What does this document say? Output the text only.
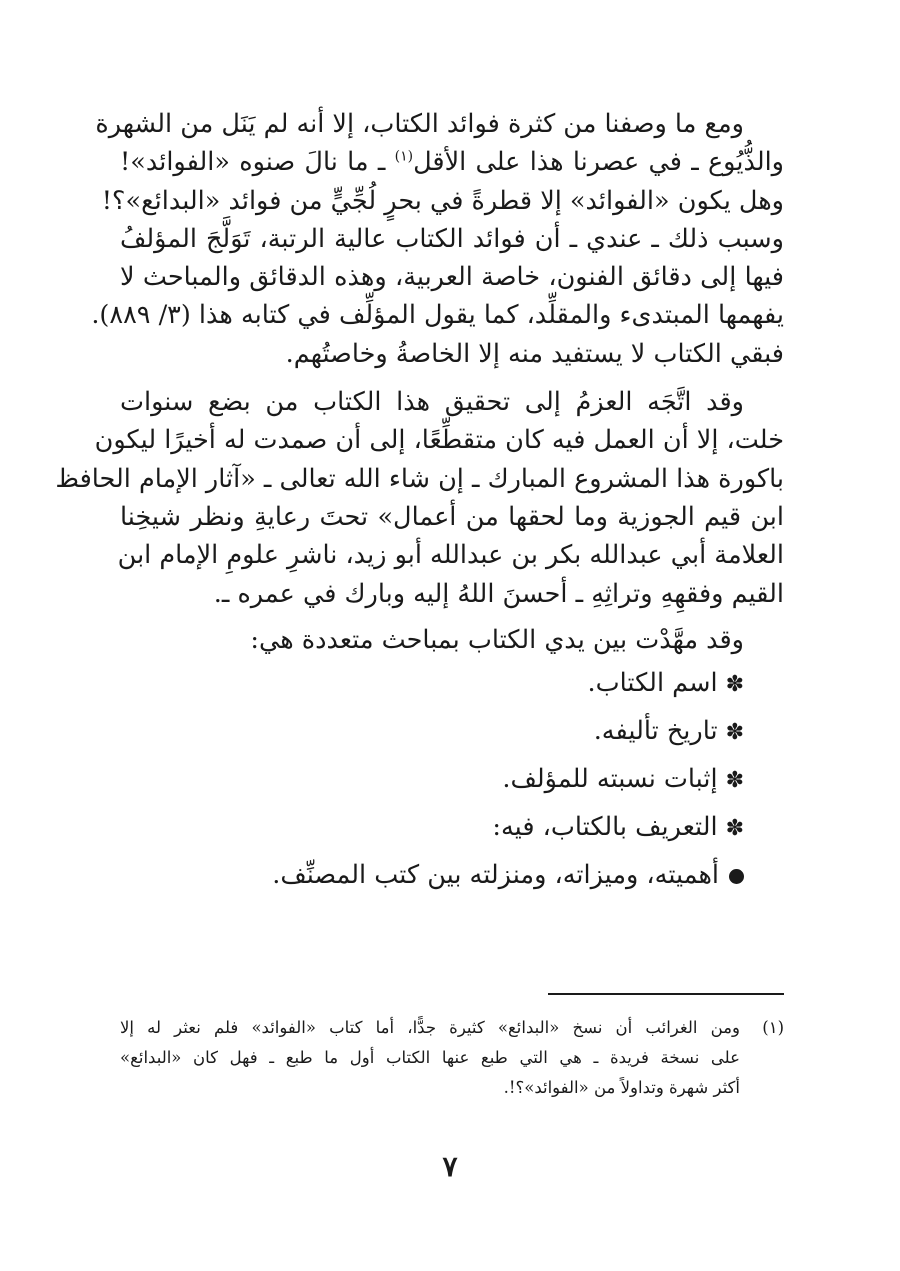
ومع ما وصفنا من كثرة فوائد الكتاب، إلا أنه لم يَنَل من الشهرة
والذُّيُوع ـ في عصرنا هذا على الأقل$^{(١)}$ ـ ما نالَ صنوه «الفوائد»!
وهل يكون «الفوائد» إلا قطرةً في بحرٍ لُجِّيٍّ من فوائد «البدائع»؟!
وسبب ذلك ـ عندي ـ أن فوائد الكتاب عالية الرتبة، تَوَلَّجَ المؤلفُ
فيها إلى دقائق الفنون، خاصة العربية، وهذه الدقائق والمباحث لا
يفهمها المبتدىء والمقلِّد، كما يقول المؤلِّف في كتابه هذا (٣/ ٨٨٩).
فبقي الكتاب لا يستفيد منه إلا الخاصةُ وخاصتُهم.

وقد اتَّجَه العزمُ إلى تحقيق هذا الكتاب من بضع سنوات
خلت، إلا أن العمل فيه كان متقطِّعًا، إلى أن صمدت له أخيرًا ليكون
باكورة هذا المشروع المبارك ـ إن شاء الله تعالى ـ «آثار الإمام الحافظ
ابن قيم الجوزية وما لحقها من أعمال» تحتَ رعايةِ ونظر شيخِنا
العلامة أبي عبدالله بكر بن عبدالله أبو زيد، ناشرِ علومِ الإمام ابن
القيم وفقهِهِ وتراثِهِ ـ أحسنَ اللهُ إليه وبارك في عمره ـ.

وقد مهَّدْت بين يدي الكتاب بمباحث متعددة هي:
✽اسم الكتاب.
✽تاريخ تأليفه.
✽إثبات نسبته للمؤلف.
✽التعريف بالكتاب، فيه:
أهميته، وميزاته، ومنزلته بين كتب المصنِّف.
(١)
ومن الغرائب أن نسخ «البدائع» كثيرة جدًّا، أما كتاب «الفوائد» فلم نعثر له إلا
على نسخة فريدة ـ هي التي طبع عنها الكتاب أول ما طبع ـ فهل كان «البدائع»
أكثر شهرة وتداولاً من «الفوائد»؟!.
٧
